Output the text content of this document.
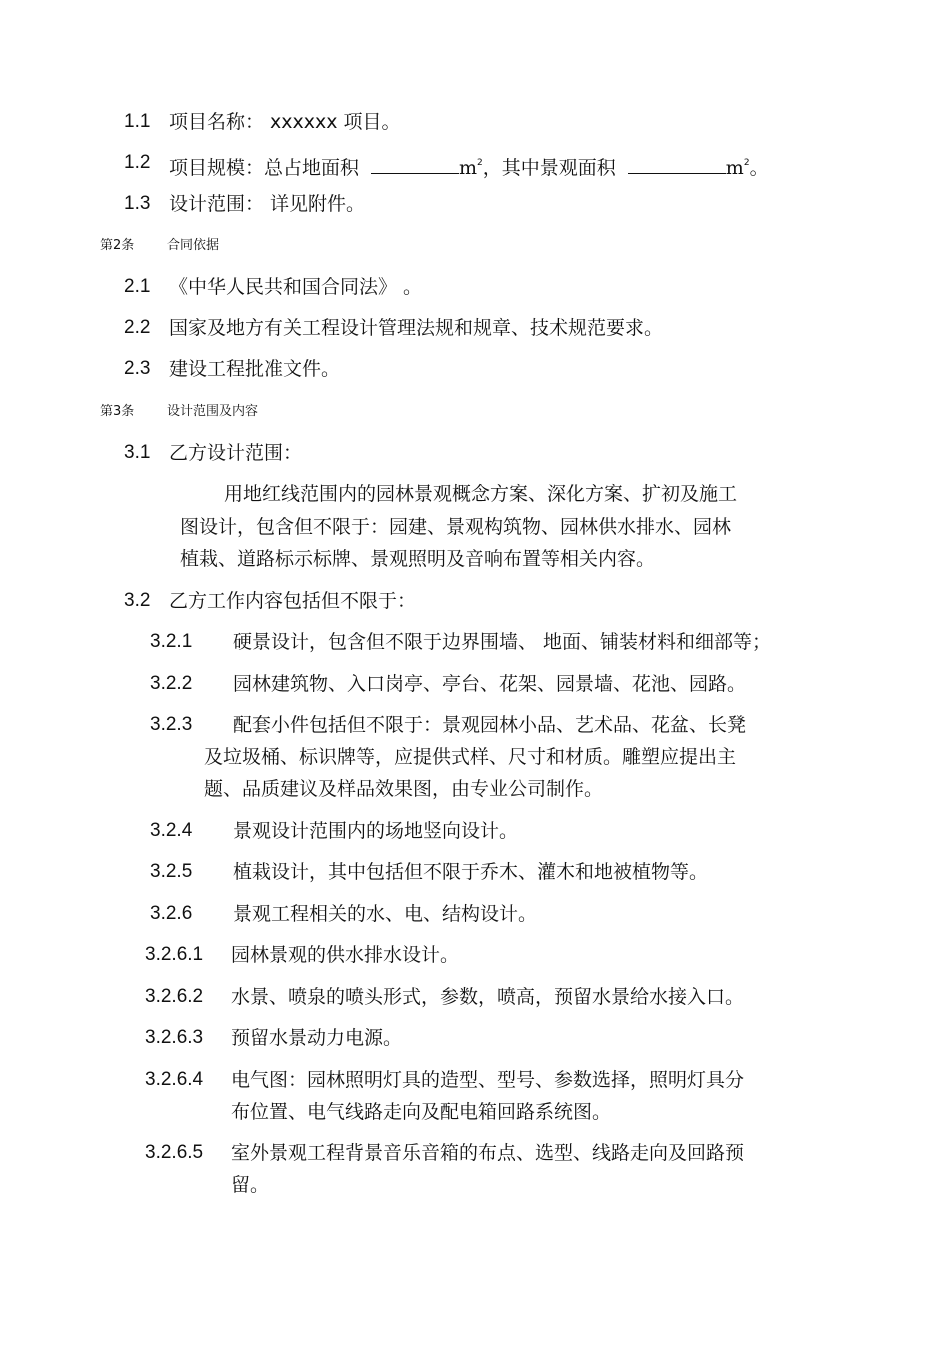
1.1 项目名称： xxxxxx 项目。
1.2 项目规模：总占地面积	$m^2$，其中景观面积	$m^2$。
1.3 设计范围： 详见附件。
第2条	合同依据
2.1 《中华人民共和国合同法》 。
2.2 国家及地方有关工程设计管理法规和规章、技术规范要求。
2.3 建设工程批准文件。
第3条	设计范围及内容
3.1 乙方设计范围：
用地红线范围内的园林景观概念方案、深化方案、扩初及施工
图设计，包含但不限于：园建、景观构筑物、园林供水排水、园林
植栽、道路标示标牌、景观照明及音响布置等相关内容。
3.2 乙方工作内容包括但不限于：
3.2.1 硬景设计，包含但不限于边界围墙、 地面、铺装材料和细部等；
3.2.2 园林建筑物、入口岗亭、亭台、花架、园景墙、花池、园路。
3.2.3 配套小件包括但不限于：景观园林小品、艺术品、花盆、长凳
及垃圾桶、标识牌等，应提供式样、尺寸和材质。雕塑应提出主
题、品质建议及样品效果图，由专业公司制作。
3.2.4 景观设计范围内的场地竖向设计。
3.2.5 植栽设计，其中包括但不限于乔木、灌木和地被植物等。
3.2.6 景观工程相关的水、电、结构设计。
3.2.6.1 园林景观的供水排水设计。
3.2.6.2 水景、喷泉的喷头形式，参数，喷高，预留水景给水接入口。
3.2.6.3 预留水景动力电源。
3.2.6.4 电气图：园林照明灯具的造型、型号、参数选择，照明灯具分
布位置、电气线路走向及配电箱回路系统图。
3.2.6.5 室外景观工程背景音乐音箱的布点、选型、线路走向及回路预
留。
